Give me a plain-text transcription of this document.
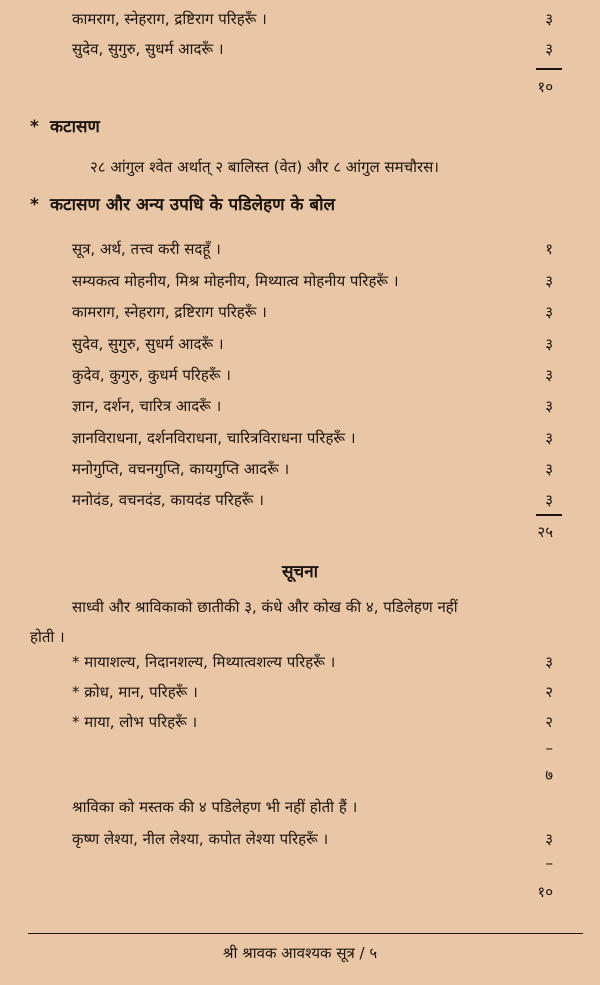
कामराग, स्नेहराग, द्रष्टिराग परिहरूँ ।	३
सुदेव, सुगुरु, सुधर्म आदरूँ ।	३
१०
* कटासण
२८ आंगुल श्वेत अर्थात् २ बालिस्त (वेत) और ८ आंगुल समचौरस।
* कटासण और अन्य उपधि के पडिलेहण के बोल
सूत्र, अर्थ, तत्त्व करी सदहूँ ।	१
सम्यकत्व मोहनीय, मिश्र मोहनीय, मिथ्यात्व मोहनीय परिहरूँ ।	३
कामराग, स्नेहराग, द्रष्टिराग परिहरूँ ।	३
सुदेव, सुगुरु, सुधर्म आदरूँ ।	३
कुदेव, कुगुरु, कुधर्म परिहरूँ ।	३
ज्ञान, दर्शन, चारित्र आदरूँ ।	३
ज्ञानविराधना, दर्शनविराधना, चारित्रविराधना परिहरूँ ।	३
मनोगुप्ति, वचनगुप्ति, कायगुप्ति आदरूँ ।	३
मनोदंड, वचनदंड, कायदंड परिहरूँ ।	३
२५
सूचना
साध्वी और श्राविकाको छातीकी ३, कंधे और कोख की ४, पडिलेहण नहीं
होती ।
* मायाशल्य, निदानशल्य, मिथ्यात्वशल्य परिहरूँ ।	३
* क्रोध, मान, परिहरूँ ।	२
* माया, लोभ परिहरूँ ।	२
–
७
श्राविका को मस्तक की ४ पडिलेहण भी नहीं होती हैं ।
कृष्ण लेश्या, नील लेश्या, कपोत लेश्या परिहरूँ ।	३
–
१०
श्री श्रावक आवश्यक सूत्र / ५
